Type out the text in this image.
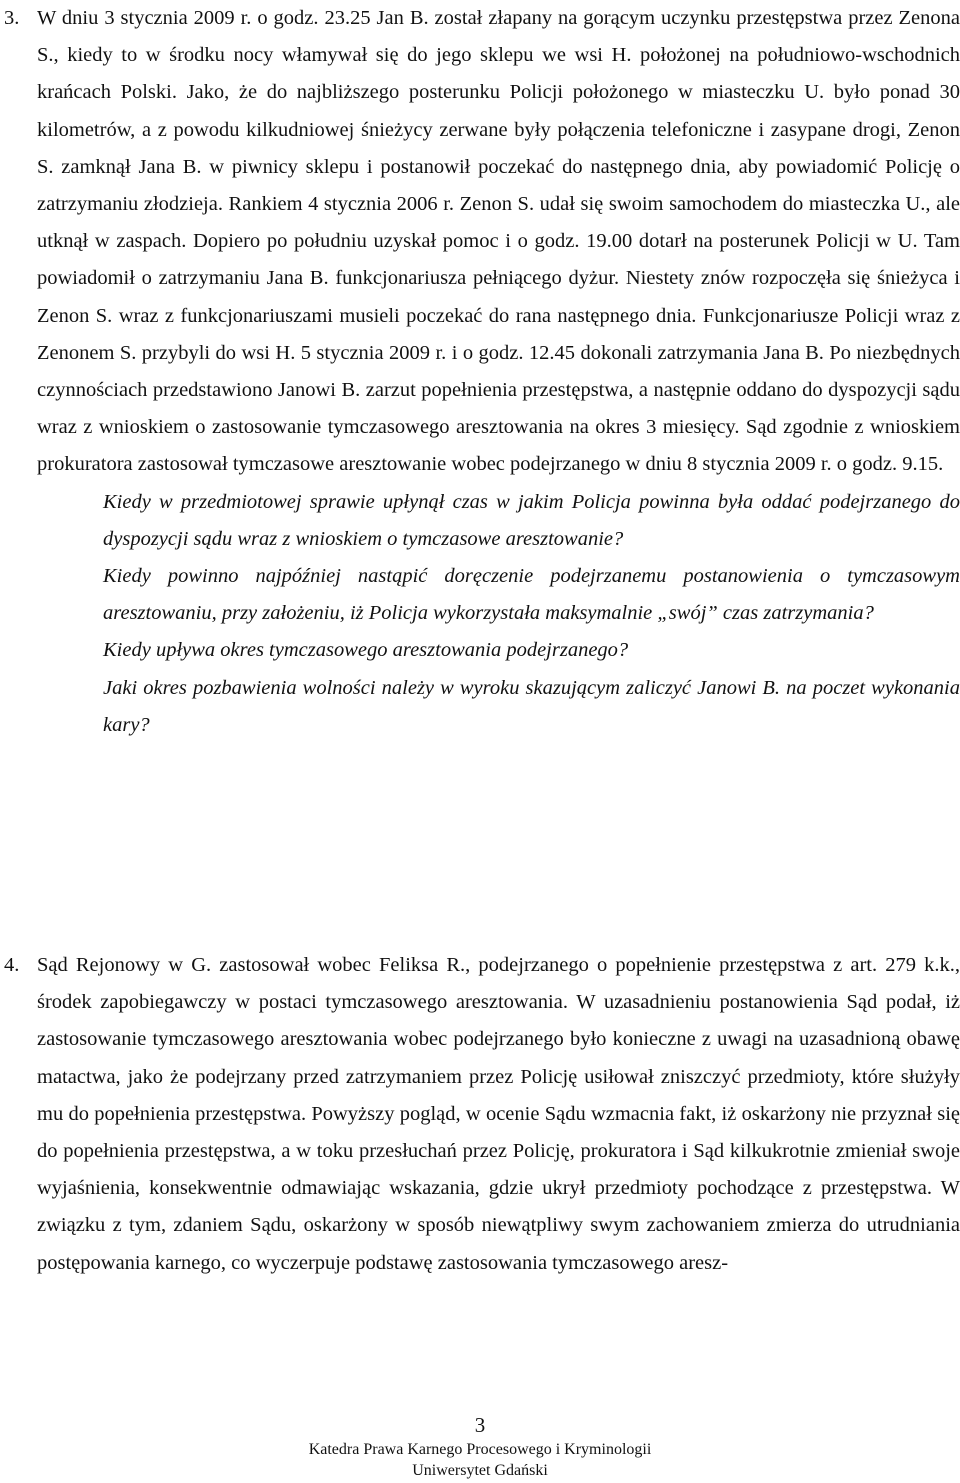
3. W dniu 3 stycznia 2009 r. o godz. 23.25 Jan B. został złapany na gorącym uczynku przestępstwa przez Zenona S., kiedy to w środku nocy włamywał się do jego sklepu we wsi H. położonej na południowo-wschodnich krańcach Polski. Jako, że do najbliższego posterunku Policji położonego w miasteczku U. było ponad 30 kilometrów, a z powodu kilkudniowej śnieżycy zerwane były połączenia telefoniczne i zasypane drogi, Zenon S. zamknął Jana B. w piwnicy sklepu i postanowił poczekać do następnego dnia, aby powiadomić Policję o zatrzymaniu złodzieja. Rankiem 4 stycznia 2006 r. Zenon S. udał się swoim samochodem do miasteczka U., ale utknął w zaspach. Dopiero po południu uzyskał pomoc i o godz. 19.00 dotarł na posterunek Policji w U. Tam powiadomił o zatrzymaniu Jana B. funkcjonariusza pełniącego dyżur. Niestety znów rozpoczęła się śnieżyca i Zenon S. wraz z funkcjonariuszami musieli poczekać do rana następnego dnia. Funkcjonariusze Policji wraz z Zenonem S. przybyli do wsi H. 5 stycznia 2009 r. i o godz. 12.45 dokonali zatrzymania Jana B. Po niezbędnych czynnościach przedstawiono Janowi B. zarzut popełnienia przestępstwa, a następnie oddano do dyspozycji sądu wraz z wnioskiem o zastosowanie tymczasowego aresztowania na okres 3 miesięcy. Sąd zgodnie z wnioskiem prokuratora zastosował tymczasowe aresztowanie wobec podejrzanego w dniu 8 stycznia 2009 r. o godz. 9.15.

Kiedy w przedmiotowej sprawie upłynął czas w jakim Policja powinna była oddać podejrzanego do dyspozycji sądu wraz z wnioskiem o tymczasowe aresztowanie?

Kiedy powinno najpóźniej nastąpić doręczenie podejrzanemu postanowienia o tymczasowym aresztowaniu, przy założeniu, iż Policja wykorzystała maksymalnie „swój” czas zatrzymania?

Kiedy upływa okres tymczasowego aresztowania podejrzanego?

Jaki okres pozbawienia wolności należy w wyroku skazującym zaliczyć Janowi B. na poczet wykonania kary?

4. Sąd Rejonowy w G. zastosował wobec Feliksa R., podejrzanego o popełnienie przestępstwa z art. 279 k.k., środek zapobiegawczy w postaci tymczasowego aresztowania. W uzasadnieniu postanowienia Sąd podał, iż zastosowanie tymczasowego aresztowania wobec podejrzanego było konieczne z uwagi na uzasadnioną obawę matactwa, jako że podejrzany przed zatrzymaniem przez Policję usiłował zniszczyć przedmioty, które służyły mu do popełnienia przestępstwa. Powyższy pogląd, w ocenie Sądu wzmacnia fakt, iż oskarżony nie przyznał się do popełnienia przestępstwa, a w toku przesłuchań przez Policję, prokuratora i Sąd kilkukrotnie zmieniał swoje wyjaśnienia, konsekwentnie odmawiając wskazania, gdzie ukrył przedmioty pochodzące z przestępstwa. W związku z tym, zdaniem Sądu, oskarżony w sposób niewątpliwy swym zachowaniem zmierza do utrudniania postępowania karnego, co wyczerpuje podstawę zastosowania tymczasowego aresz-

3
Katedra Prawa Karnego Procesowego i Kryminologii
Uniwersytet Gdański
